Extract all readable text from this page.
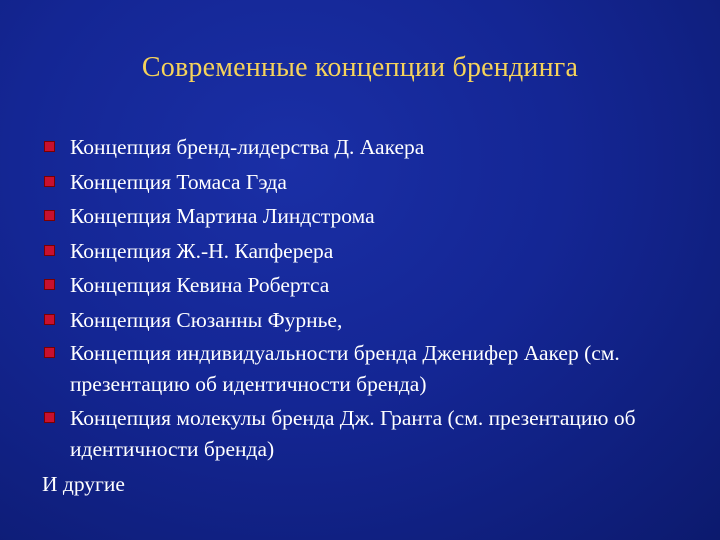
Современные концепции брендинга
Концепция бренд-лидерства Д. Аакера
Концепция Томаса Гэда
Концепция Мартина Линдстрома
Концепция Ж.-Н. Капферера
Концепция Кевина Робертса
Концепция Сюзанны Фурнье,
Концепция индивидуальности бренда Дженифер Аакер (см. презентацию об идентичности бренда)
Концепция молекулы бренда Дж. Гранта (см. презентацию об идентичности бренда)
И другие
